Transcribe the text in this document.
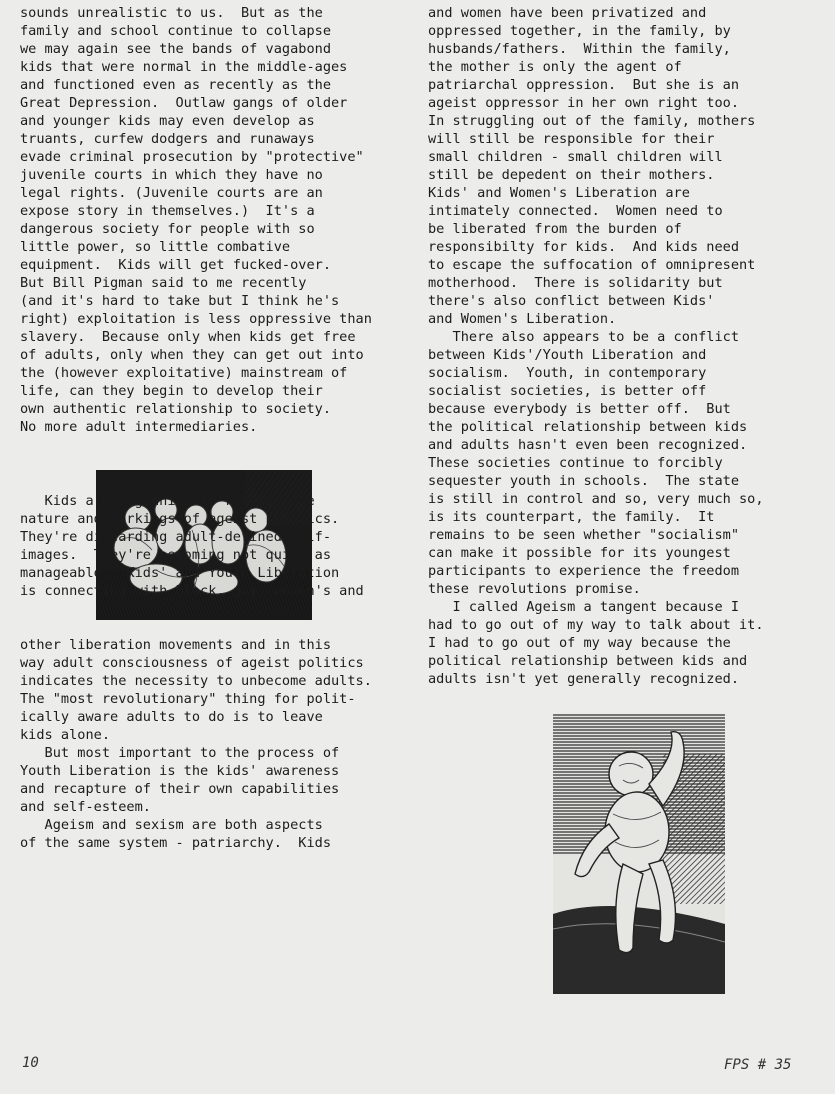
sounds unrealistic to us.  But as the
family and school continue to collapse
we may again see the bands of vagabond
kids that were normal in the middle-ages
and functioned even as recently as the
Great Depression.  Outlaw gangs of older
and younger kids may even develop as
truants, curfew dodgers and runaways
evade criminal prosecution by "protective"
juvenile courts in which they have no
legal rights. (Juvenile courts are an
expose story in themselves.)  It's a
dangerous society for people with so
little power, so little combative
equipment.  Kids will get fucked-over.
But Bill Pigman said to me recently
(and it's hard to take but I think he's
right) exploitation is less oppressive than
slavery.  Because only when kids get free
of adults, only when they can get out into
the (however exploitative) mainstream of
life, can they begin to develop their
own authentic relationship to society.
No more adult intermediaries.
Kids are beginning to realize the
nature and workings of ageist politics.
They're discarding adult-defined self-
images.  They're becoming not quite as
manageable.  Kids' and Youth Liberation
is connecting with black, gay, women's and
other liberation movements and in this
way adult consciousness of ageist politics
indicates the necessity to unbecome adults.
The "most revolutionary" thing for polit-
ically aware adults to do is to leave
kids alone.
But most important to the process of
Youth Liberation is the kids' awareness
and recapture of their own capabilities
and self-esteem.
Ageism and sexism are both aspects
of the same system - patriarchy.  Kids
and women have been privatized and
oppressed together, in the family, by
husbands/fathers.  Within the family,
the mother is only the agent of
patriarchal oppression.  But she is an
ageist oppressor in her own right too.
In struggling out of the family, mothers
will still be responsible for their
small children - small children will
still be depedent on their mothers.
Kids' and Women's Liberation are
intimately connected.  Women need to
be liberated from the burden of
responsibilty for kids.  And kids need
to escape the suffocation of omnipresent
motherhood.  There is solidarity but
there's also conflict between Kids'
and Women's Liberation.
There also appears to be a conflict
between Kids'/Youth Liberation and
socialism.  Youth, in contemporary
socialist societies, is better off
because everybody is better off.  But
the political relationship between kids
and adults hasn't even been recognized.
These societies continue to forcibly
sequester youth in schools.  The state
is still in control and so, very much so,
is its counterpart, the family.  It
remains to be seen whether "socialism"
can make it possible for its youngest
participants to experience the freedom
these revolutions promise.
I called Ageism a tangent because I
had to go out of my way to talk about it.
I had to go out of my way because the
political relationship between kids and
adults isn't yet generally recognized.
10	FPS # 35
